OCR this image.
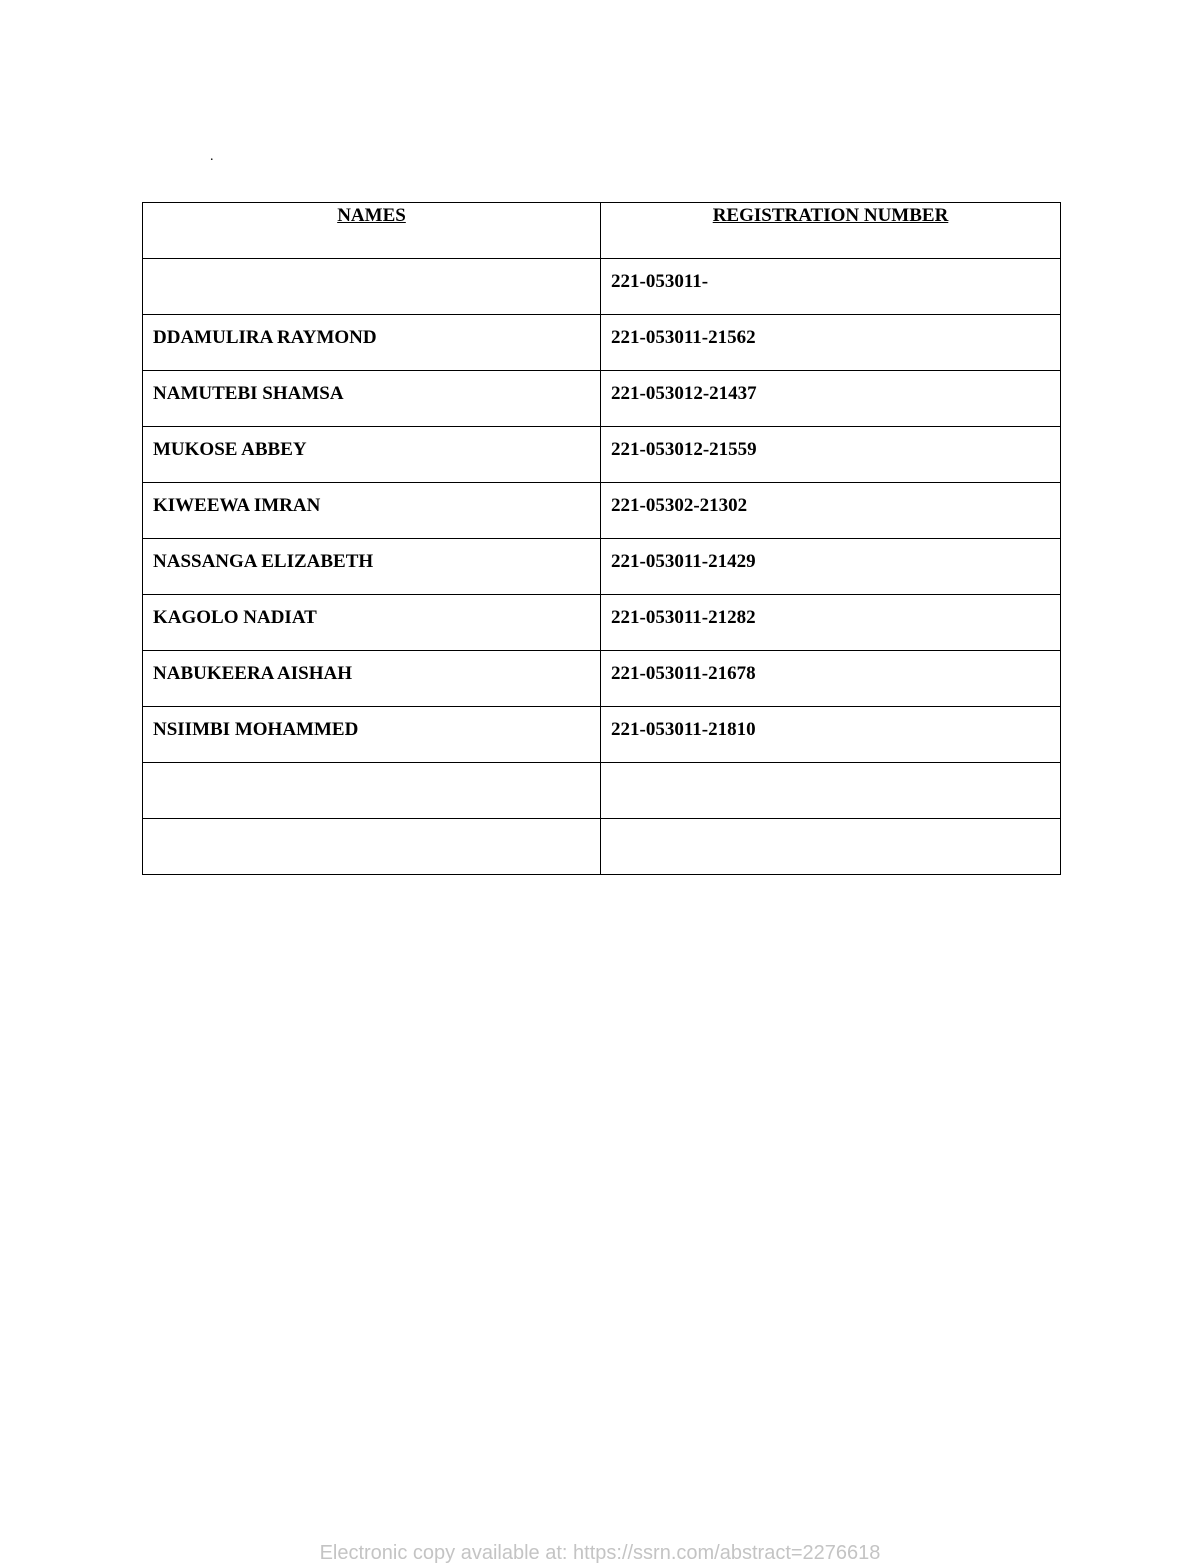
.
NAMES	REGISTRATION NUMBER
	221-053011-
DDAMULIRA RAYMOND	221-053011-21562
NAMUTEBI SHAMSA	221-053012-21437
MUKOSE ABBEY	221-053012-21559
KIWEEWA IMRAN	221-05302-21302
NASSANGA ELIZABETH	221-053011-21429
KAGOLO NADIAT	221-053011-21282
NABUKEERA AISHAH	221-053011-21678
NSIIMBI MOHAMMED	221-053011-21810

Electronic copy available at: https://ssrn.com/abstract=2276618
